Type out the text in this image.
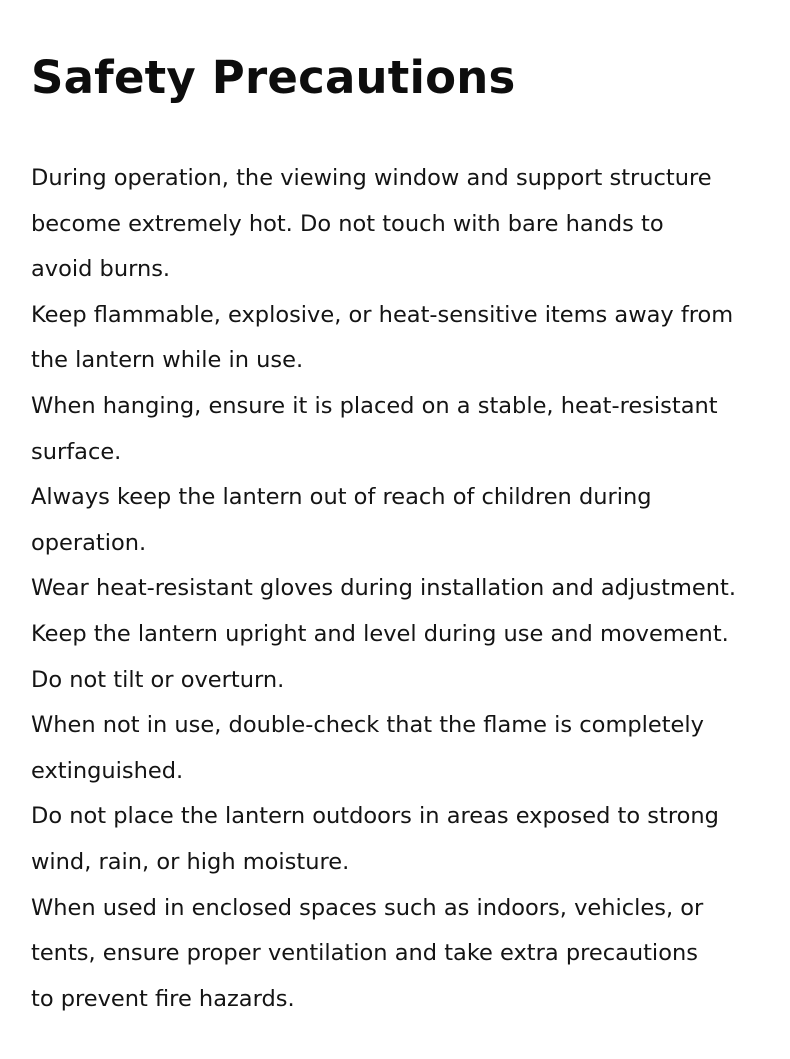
Safety Precautions
During operation, the viewing window and support structure
become extremely hot. Do not touch with bare hands to
avoid burns.
Keep flammable, explosive, or heat-sensitive items away from
the lantern while in use.
When hanging, ensure it is placed on a stable, heat-resistant
surface.
Always keep the lantern out of reach of children during
operation.
Wear heat-resistant gloves during installation and adjustment.
Keep the lantern upright and level during use and movement.
Do not tilt or overturn.
When not in use, double-check that the flame is completely
extinguished.
Do not place the lantern outdoors in areas exposed to strong
wind, rain, or high moisture.
When used in enclosed spaces such as indoors, vehicles, or
tents, ensure proper ventilation and take extra precautions
to prevent fire hazards.
